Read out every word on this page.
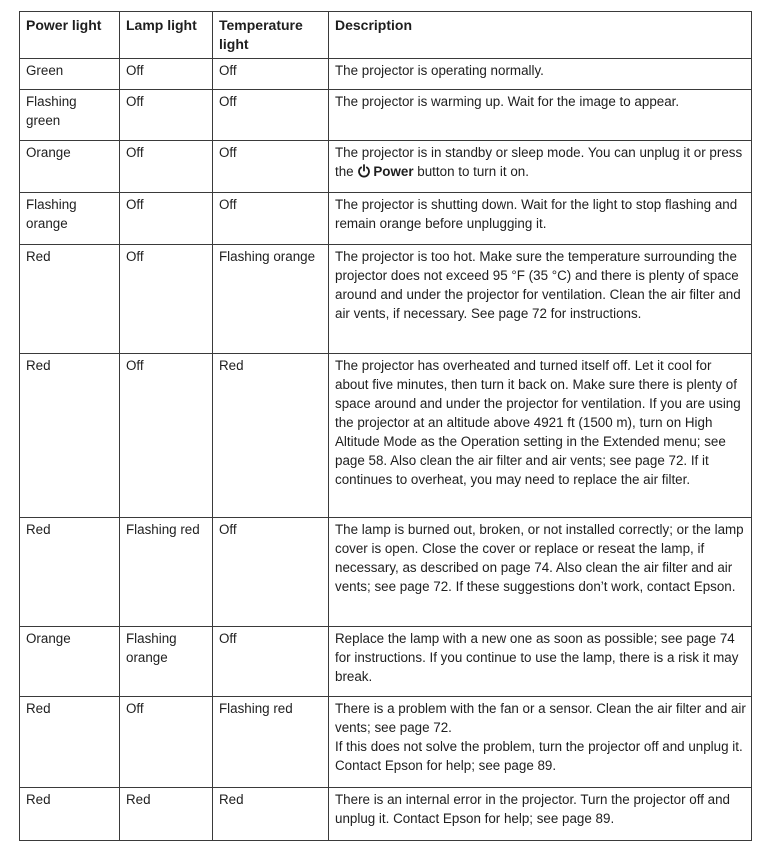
Power light	Lamp light	Temperature light	Description
Green	Off	Off	The projector is operating normally.
Flashing green	Off	Off	The projector is warming up. Wait for the image to appear.
Orange	Off	Off	The projector is in standby or sleep mode. You can unplug it or press the Power button to turn it on.
Flashing orange	Off	Off	The projector is shutting down. Wait for the light to stop flashing and remain orange before unplugging it.
Red	Off	Flashing orange	The projector is too hot. Make sure the temperature surrounding the projector does not exceed 95 °F (35 °C) and there is plenty of space around and under the projector for ventilation. Clean the air filter and air vents, if necessary. See page 72 for instructions.
Red	Off	Red	The projector has overheated and turned itself off. Let it cool for about five minutes, then turn it back on. Make sure there is plenty of space around and under the projector for ventilation. If you are using the projector at an altitude above 4921 ft (1500 m), turn on High Altitude Mode as the Operation setting in the Extended menu; see page 58. Also clean the air filter and air vents; see page 72. If it continues to overheat, you may need to replace the air filter.
Red	Flashing red	Off	The lamp is burned out, broken, or not installed correctly; or the lamp cover is open. Close the cover or replace or reseat the lamp, if necessary, as described on page 74. Also clean the air filter and air vents; see page 72. If these suggestions don’t work, contact Epson.
Orange	Flashing orange	Off	Replace the lamp with a new one as soon as possible; see page 74 for instructions. If you continue to use the lamp, there is a risk it may break.
Red	Off	Flashing red	There is a problem with the fan or a sensor. Clean the air filter and air vents; see page 72.
If this does not solve the problem, turn the projector off and unplug it. Contact Epson for help; see page 89.

Red	Red	Red	There is an internal error in the projector. Turn the projector off and unplug it. Contact Epson for help; see page 89.
